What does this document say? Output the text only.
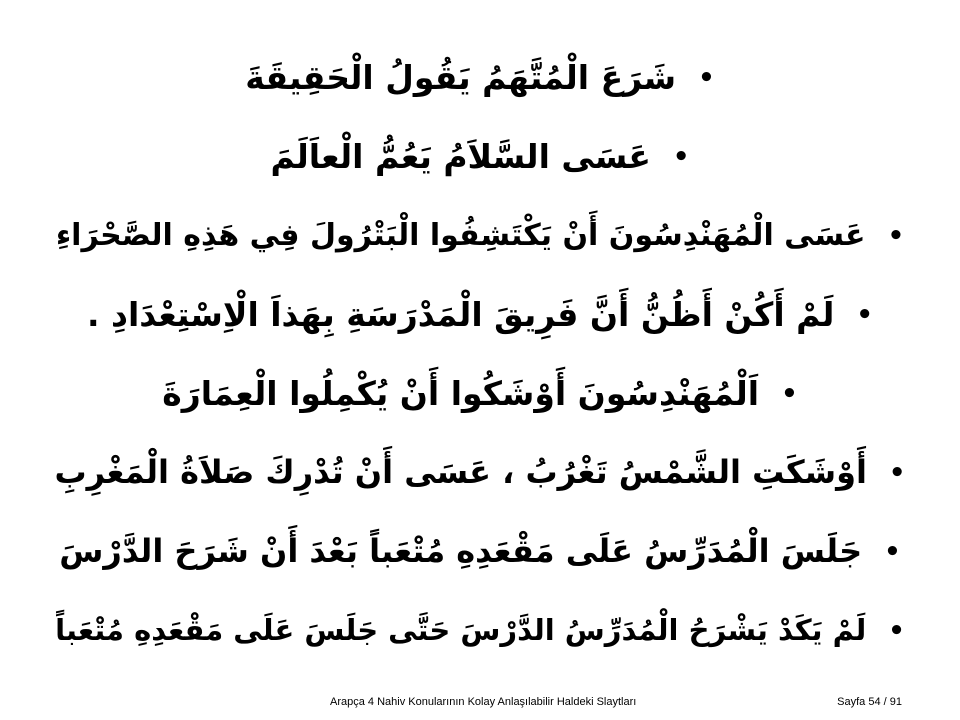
•
شَرَعَ الْمُتَّهَمُ يَقُولُ الْحَقِيقَةَ
•
عَسَى السَّلاَمُ يَعُمُّ الْعاَلَمَ
•
عَسَى الْمُهَنْدِسُونَ أَنْ يَكْتَشِفُوا الْبَتْرُولَ فِي هَذِهِ الصَّحْرَاءِ
•
لَمْ أَكُنْ أَظُنُّ أَنَّ فَرِيقَ الْمَدْرَسَةِ بِهَذاَ الْاِسْتِعْدَادِ .
•
اَلْمُهَنْدِسُونَ أَوْشَكُوا أَنْ يُكْمِلُوا الْعِمَارَةَ
•
أَوْشَكَتِ الشَّمْسُ تَغْرُبُ ، عَسَى أَنْ تُدْرِكَ صَلاَةُ الْمَغْرِبِ
•
جَلَسَ الْمُدَرِّسُ عَلَى مَقْعَدِهِ مُتْعَباً بَعْدَ أَنْ شَرَحَ الدَّرْسَ
•
لَمْ يَكَدْ يَشْرَحُ الْمُدَرِّسُ الدَّرْسَ حَتَّى جَلَسَ عَلَى مَقْعَدِهِ مُتْعَباً
Arapça 4 Nahiv Konularının Kolay Anlaşılabilir Haldeki Slaytları	Sayfa 54 / 91
